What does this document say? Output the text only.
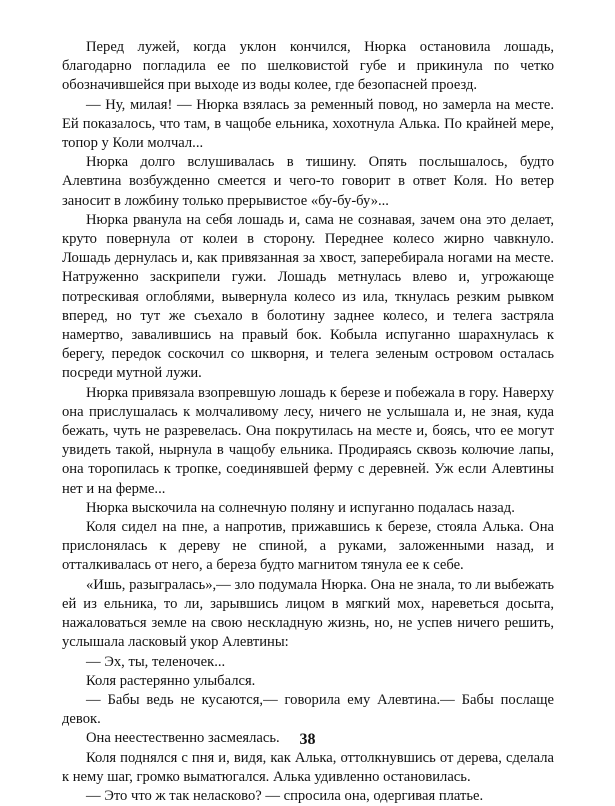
Перед лужей, когда уклон кончился, Нюрка остановила лошадь, благодарно погладила ее по шелковистой губе и прикинула по четко обозначившейся при выходе из воды колее, где безопасней проезд.

— Ну, милая! — Нюрка взялась за ременный повод, но замерла на месте. Ей показалось, что там, в чащобе ельника, хохотнула Алька. По крайней мере, топор у Коли молчал...

Нюрка долго вслушивалась в тишину. Опять послышалось, будто Алевтина возбужденно смеется и чего-то говорит в ответ Коля. Но ветер заносит в ложбину только прерывистое «бу-бу-бу»...

Нюрка рванула на себя лошадь и, сама не сознавая, зачем она это делает, круто повернула от колеи в сторону. Переднее колесо жирно чавкнуло. Лошадь дернулась и, как привязанная за хвост, заперебирала ногами на месте. Натруженно заскрипели гужи. Лошадь метнулась влево и, угрожающе потрескивая оглоблями, вывернула колесо из ила, ткнулась резким рывком вперед, но тут же съехало в болотину заднее колесо, и телега застряла намертво, завалившись на правый бок. Кобыла испуганно шарахнулась к берегу, передок соскочил со шкворня, и телега зеленым островом осталась посреди мутной лужи.

Нюрка привязала взопревшую лошадь к березе и побежала в гору. Наверху она прислушалась к молчаливому лесу, ничего не услышала и, не зная, куда бежать, чуть не разревелась. Она покрутилась на месте и, боясь, что ее могут увидеть такой, нырнула в чащобу ельника. Продираясь сквозь колючие лапы, она торопилась к тропке, соединявшей ферму с деревней. Уж если Алевтины нет и на ферме...

Нюрка выскочила на солнечную поляну и испуганно подалась назад.

Коля сидел на пне, а напротив, прижавшись к березе, стояла Алька. Она прислонялась к дереву не спиной, а руками, заложенными назад, и отталкивалась от него, а береза будто магнитом тянула ее к себе.

«Ишь, разыгралась»,— зло подумала Нюрка. Она не знала, то ли выбежать ей из ельника, то ли, зарывшись лицом в мягкий мох, нареветься досыта, нажаловаться земле на свою нескладную жизнь, но, не успев ничего решить, услышала ласковый укор Алевтины:

— Эх, ты, теленочек...

Коля растерянно улыбался.

— Бабы ведь не кусаются,— говорила ему Алевтина.— Бабы послаще девок.

Она неестественно засмеялась.

Коля поднялся с пня и, видя, как Алька, оттолкнувшись от дерева, сделала к нему шаг, громко выматюгался. Алька удивленно остановилась.

— Это что ж так неласково? — спросила она, одергивая платье.

38
